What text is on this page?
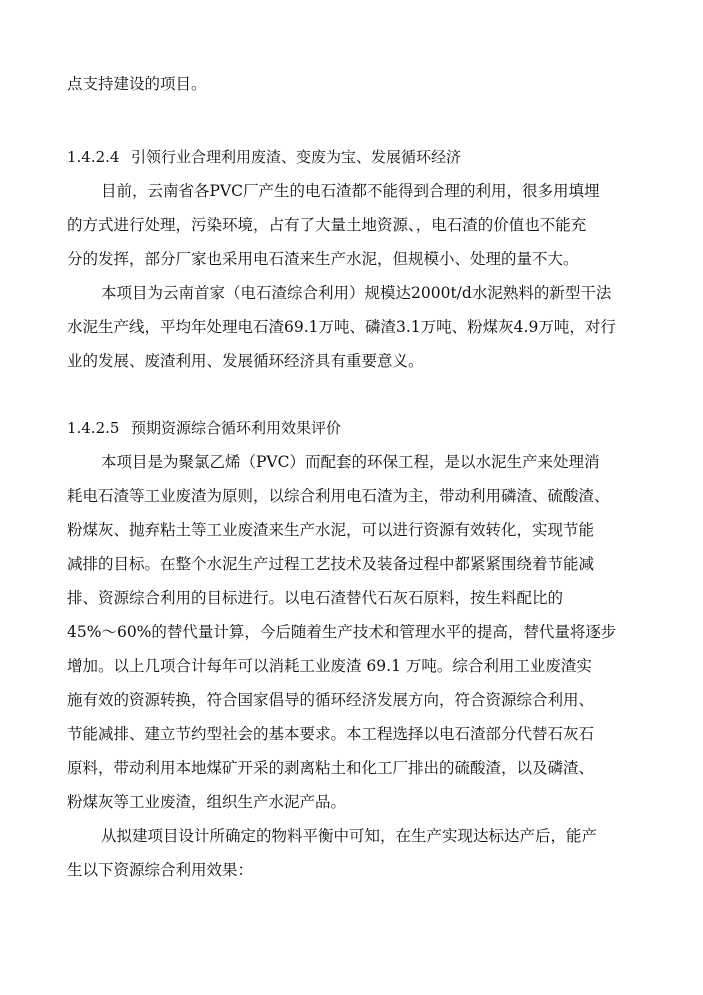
点支持建设的项目。
1.4.2.4 引领行业合理利用废渣、变废为宝、发展循环经济
目前，云南省各PVC厂产生的电石渣都不能得到合理的利用，很多用填埋
的方式进行处理，污染环境，占有了大量土地资源、，电石渣的价值也不能充
分的发挥，部分厂家也采用电石渣来生产水泥，但规模小、处理的量不大。
本项目为云南首家（电石渣综合利用）规模达2000t/d水泥熟料的新型干法
水泥生产线，平均年处理电石渣69.1万吨、磷渣3.1万吨、粉煤灰4.9万吨，对行
业的发展、废渣利用、发展循环经济具有重要意义。
1.4.2.5 预期资源综合循环利用效果评价
本项目是为聚氯乙烯（PVC）而配套的环保工程，是以水泥生产来处理消
耗电石渣等工业废渣为原则，以综合利用电石渣为主，带动利用磷渣、硫酸渣、
粉煤灰、抛弃粘土等工业废渣来生产水泥，可以进行资源有效转化，实现节能
减排的目标。在整个水泥生产过程工艺技术及装备过程中都紧紧围绕着节能减
排、资源综合利用的目标进行。以电石渣替代石灰石原料，按生料配比的
45%～60%的替代量计算，今后随着生产技术和管理水平的提高，替代量将逐步
增加。以上几项合计每年可以消耗工业废渣 69.1 万吨。综合利用工业废渣实
施有效的资源转换，符合国家倡导的循环经济发展方向，符合资源综合利用、
节能减排、建立节约型社会的基本要求。本工程选择以电石渣部分代替石灰石
原料，带动利用本地煤矿开采的剥离粘土和化工厂排出的硫酸渣，以及磷渣、
粉煤灰等工业废渣，组织生产水泥产品。
从拟建项目设计所确定的物料平衡中可知，在生产实现达标达产后，能产
生以下资源综合利用效果：
